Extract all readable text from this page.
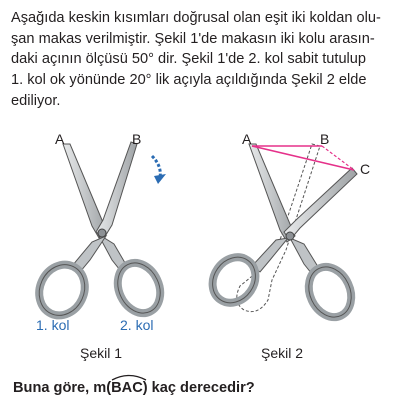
Aşağıda keskin kısımları doğrusal olan eşit iki koldan olu-
şan makas verilmiştir. Şekil 1'de makasın iki kolu arasın-
daki açının ölçüsü 50° dir. Şekil 1'de 2. kol sabit tutulup
1. kol ok yönünde 20° lik açıyla açıldığında Şekil 2 elde
ediliyor.
A	B
1. kol	2. kol
Şekil 1
A	B
C
Şekil 2

Buna göre, m(
BAC) kaç derecedir?
